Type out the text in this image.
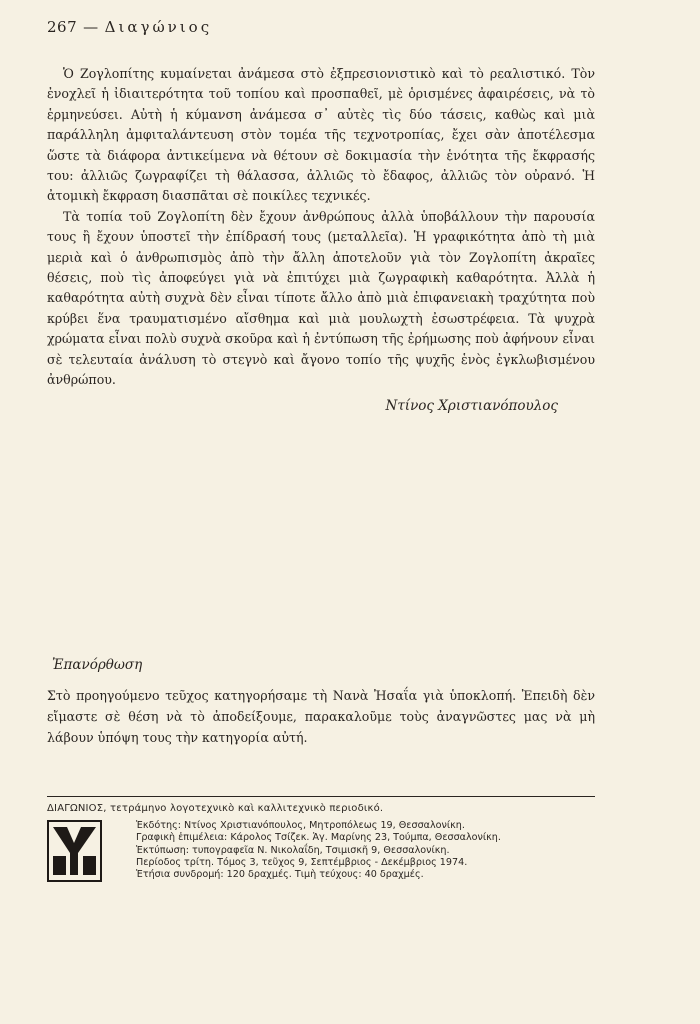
267 — Διαγώνιος

Ὁ Ζογλοπίτης κυμαίνεται ἀνάμεσα στὸ ἐξπρεσιονιστικὸ καὶ τὸ ρεαλιστικό. Τὸν ἐνοχλεῖ ἡ ἰδιαιτερότητα τοῦ τοπίου καὶ προσπαθεῖ, μὲ ὁρισμένες ἀφαιρέσεις, νὰ τὸ ἑρμηνεύσει. Αὐτὴ ἡ κύμανση ἀνάμεσα σ᾽ αὐτὲς τὶς δύο τάσεις, καθὼς καὶ μιὰ παράλληλη ἀμφιταλάντευση στὸν τομέα τῆς τεχνοτροπίας, ἔχει σὰν ἀποτέλεσμα ὥστε τὰ διάφορα ἀντικείμενα νὰ θέτουν σὲ δοκιμασία τὴν ἑνότητα τῆς ἔκφρασής του: ἀλλιῶς ζωγραφίζει τὴ θάλασσα, ἀλλιῶς τὸ ἔδαφος, ἀλλιῶς τὸν οὐρανό. Ἡ ἀτομικὴ ἔκφραση διασπᾶται σὲ ποικίλες τεχνικές.

Τὰ τοπία τοῦ Ζογλοπίτη δὲν ἔχουν ἀνθρώπους ἀλλὰ ὑποβάλλουν τὴν παρουσία τους ἢ ἔχουν ὑποστεῖ τὴν ἐπίδρασή τους (μεταλλεῖα). Ἡ γραφικότητα ἀπὸ τὴ μιὰ μεριὰ καὶ ὁ ἀνθρωπισμὸς ἀπὸ τὴν ἄλλη ἀποτελοῦν γιὰ τὸν Ζογλοπίτη ἀκραῖες θέσεις, ποὺ τὶς ἀποφεύγει γιὰ νὰ ἐπιτύχει μιὰ ζωγραφικὴ καθαρότητα. Ἀλλὰ ἡ καθαρότητα αὐτὴ συχνὰ δὲν εἶναι τίποτε ἄλλο ἀπὸ μιὰ ἐπιφανειακὴ τραχύτητα ποὺ κρύβει ἕνα τραυματισμένο αἴσθημα καὶ μιὰ μουλωχτὴ ἐσωστρέφεια. Τὰ ψυχρὰ χρώματα εἶναι πολὺ συχνὰ σκοῦρα καὶ ἡ ἐντύπωση τῆς ἐρήμωσης ποὺ ἀφήνουν εἶναι σὲ τελευταία ἀνάλυση τὸ στεγνὸ καὶ ἄγονο τοπίο τῆς ψυχῆς ἑνὸς ἐγκλωβισμένου ἀνθρώπου.

Ντίνος Χριστιανόπουλος
Ἐπανόρθωση
Στὸ προηγούμενο τεῦχος κατηγορήσαμε τὴ Νανὰ Ἠσαΐα γιὰ ὑποκλοπή. Ἐπειδὴ δὲν εἴμαστε σὲ θέση νὰ τὸ ἀποδείξουμε, παρακαλοῦμε τοὺς ἀναγνῶστες μας νὰ μὴ λάβουν ὑπόψη τους τὴν κατηγορία αὐτή.
ΔΙΑΓΩΝΙΟΣ, τετράμηνο λογοτεχνικὸ καὶ καλλιτεχνικὸ περιοδικό.
Ἐκδότης: Ντίνος Χριστιανόπουλος, Μητροπόλεως 19, Θεσσαλονίκη.
Γραφικὴ ἐπιμέλεια: Κάρολος Τσίζεκ. Ἁγ. Μαρίνης 23, Τούμπα, Θεσσαλονίκη.
Ἐκτύπωση: τυπογραφεῖα Ν. Νικολαΐδη, Τσιμισκῆ 9, Θεσσαλονίκη.
Περίοδος τρίτη. Τόμος 3, τεῦχος 9, Σεπτέμβριος - Δεκέμβριος 1974.
Ἐτήσια συνδρομή: 120 δραχμές. Τιμὴ τεύχους: 40 δραχμές.
